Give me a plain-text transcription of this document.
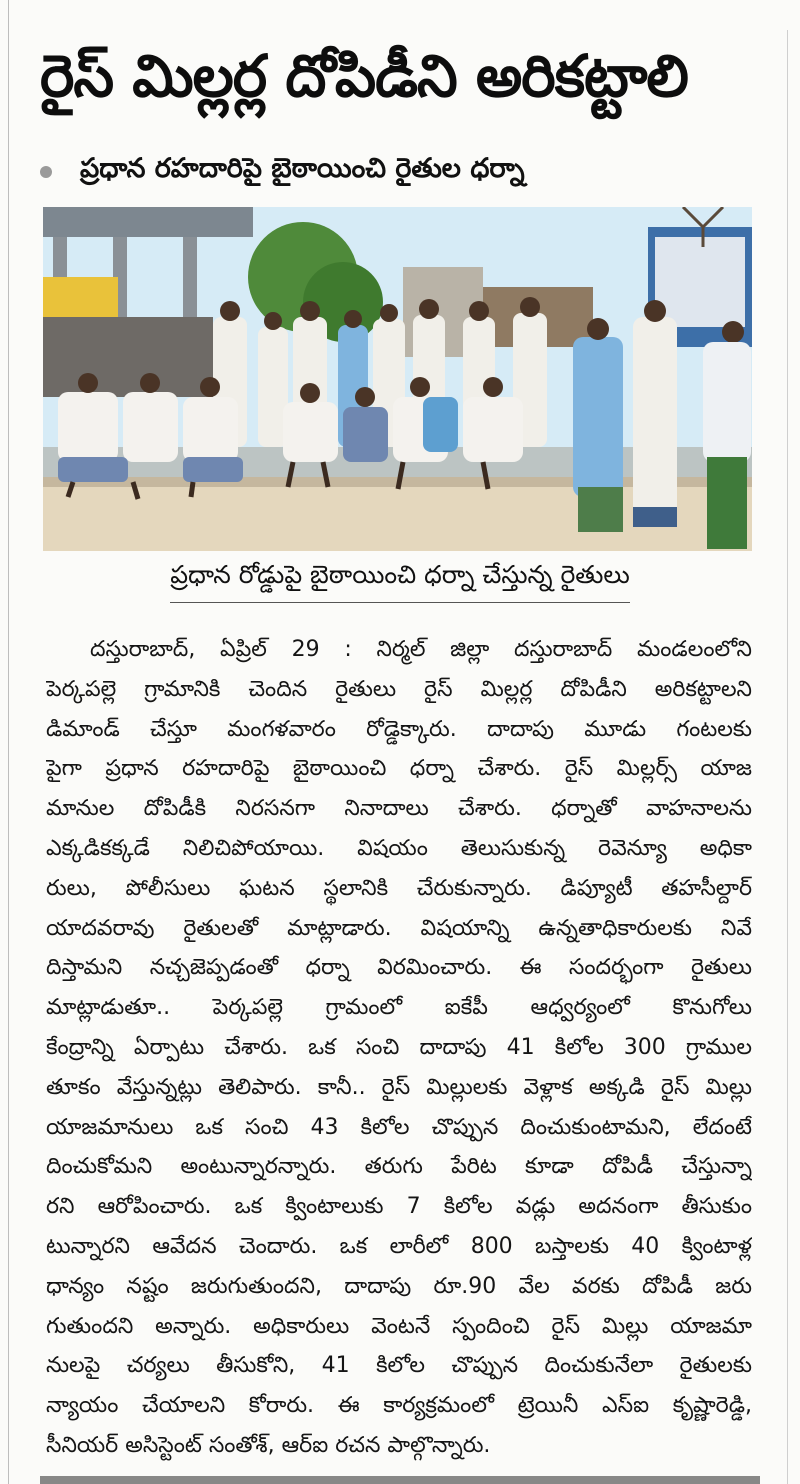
రైస్ మిల్లర్ల దోపిడీని అరికట్టాలి
ప్రధాన రహదారిపై బైఠాయించి రైతుల ధర్నా
ప్రధాన రోడ్డుపై బైఠాయించి ధర్నా చేస్తున్న రైతులు
దస్తురాబాద్, ఏప్రిల్ 29 : నిర్మల్ జిల్లా దస్తురాబాద్ మండలంలోని
పెర్కపల్లె గ్రామానికి చెందిన రైతులు రైస్ మిల్లర్ల దోపిడీని అరికట్టాలని
డిమాండ్ చేస్తూ మంగళవారం రోడ్డెక్కారు. దాదాపు మూడు గంటలకు
పైగా ప్రధాన రహదారిపై బైఠాయించి ధర్నా చేశారు. రైస్ మిల్లర్స్ యాజ
మానుల దోపిడీకి నిరసనగా నినాదాలు చేశారు. ధర్నాతో వాహనాలను
ఎక్కడికక్కడే నిలిచిపోయాయి. విషయం తెలుసుకున్న రెవెన్యూ అధికా
రులు, పోలీసులు ఘటన స్థలానికి చేరుకున్నారు. డిప్యూటీ తహసీల్దార్
యాదవరావు రైతులతో మాట్లాడారు. విషయాన్ని ఉన్నతాధికారులకు నివే
దిస్తామని నచ్చజెప్పడంతో ధర్నా విరమించారు. ఈ సందర్భంగా రైతులు
మాట్లాడుతూ.. పెర్కపల్లె గ్రామంలో ఐకేపీ ఆధ్వర్యంలో కొనుగోలు
కేంద్రాన్ని ఏర్పాటు చేశారు. ఒక సంచి దాదాపు 41 కిలోల 300 గ్రాముల
తూకం వేస్తున్నట్లు తెలిపారు. కానీ.. రైస్ మిల్లులకు వెళ్లాక అక్కడి రైస్ మిల్లు
యాజమానులు ఒక సంచి 43 కిలోల చొప్పున దించుకుంటామని, లేదంటే
దించుకోమని అంటున్నారన్నారు. తరుగు పేరిట కూడా దోపిడీ చేస్తున్నా
రని ఆరోపించారు. ఒక క్వింటాలుకు 7 కిలోల వడ్లు అదనంగా తీసుకుం
టున్నారని ఆవేదన చెందారు. ఒక లారీలో 800 బస్తాలకు 40 క్వింటాళ్ల
ధాన్యం నష్టం జరుగుతుందని, దాదాపు రూ.90 వేల వరకు దోపిడీ జరు
గుతుందని అన్నారు. అధికారులు వెంటనే స్పందించి రైస్ మిల్లు యాజమా
నులపై చర్యలు తీసుకోని, 41 కిలోల చొప్పున దించుకునేలా రైతులకు
న్యాయం చేయాలని కోరారు. ఈ కార్యక్రమంలో ట్రెయినీ ఎస్ఐ కృష్ణారెడ్డి,
సీనియర్ అసిస్టెంట్ సంతోశ్, ఆర్ఐ రచన పాల్గొన్నారు.
